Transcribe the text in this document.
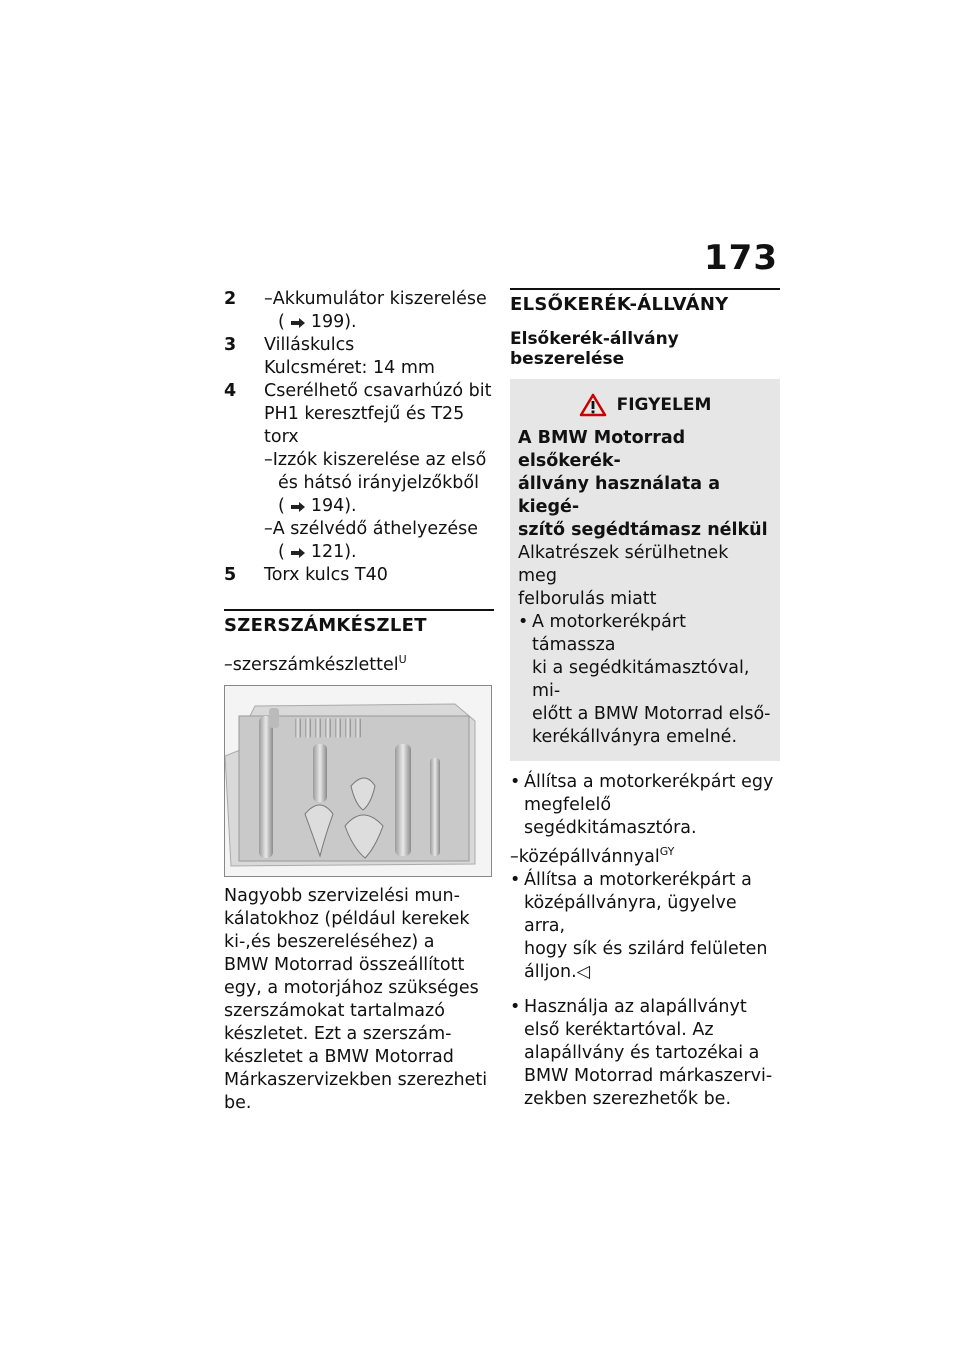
173
2 –Akkumulátor kiszerelése
( 199).
3 Villáskulcs
Kulcsméret: 14 mm
4 Cserélhető csavarhúzó bit
PH1 keresztfejű és T25
torx
–Izzók kiszerelése az első
és hátsó irányjelzőkből
( 194).
–A szélvédő áthelyezése
( 121).
5 Torx kulcs T40
SZERSZÁMKÉSZLET
–szerszámkészlettel$^U$
Nagyobb szervizelési mun-
kálatokhoz (például kerekek
ki-,és beszereléséhez) a
BMW Motorrad összeállított
egy, a motorjához szükséges
szerszámokat tartalmazó
készletet. Ezt a szerszám-
készletet a BMW Motorrad
Márkaszervizekben szerezheti
be.
ELSŐKERÉK-ÁLLVÁNY
Elsőkerék-állvány beszerelése
FIGYELEM
A BMW Motorrad elsőkerék-
állvány használata a kiegé-
szítő segédtámasz nélkül
Alkatrészek sérülhetnek meg
felborulás miatt
• A motorkerékpárt támassza
ki a segédkitámasztóval, mi-
előtt a BMW Motorrad első-
kerékállványra emelné.
• Állítsa a motorkerékpárt egy
megfelelő segédkitámasztóra.
–középállvánnyal$^{GY}$
• Állítsa a motorkerékpárt a
középállványra, ügyelve arra,
hogy sík és szilárd felületen
álljon.◁
• Használja az alapállványt
első keréktartóval. Az
alapállvány és tartozékai a
BMW Motorrad márkaszervi-
zekben szerezhetők be.
